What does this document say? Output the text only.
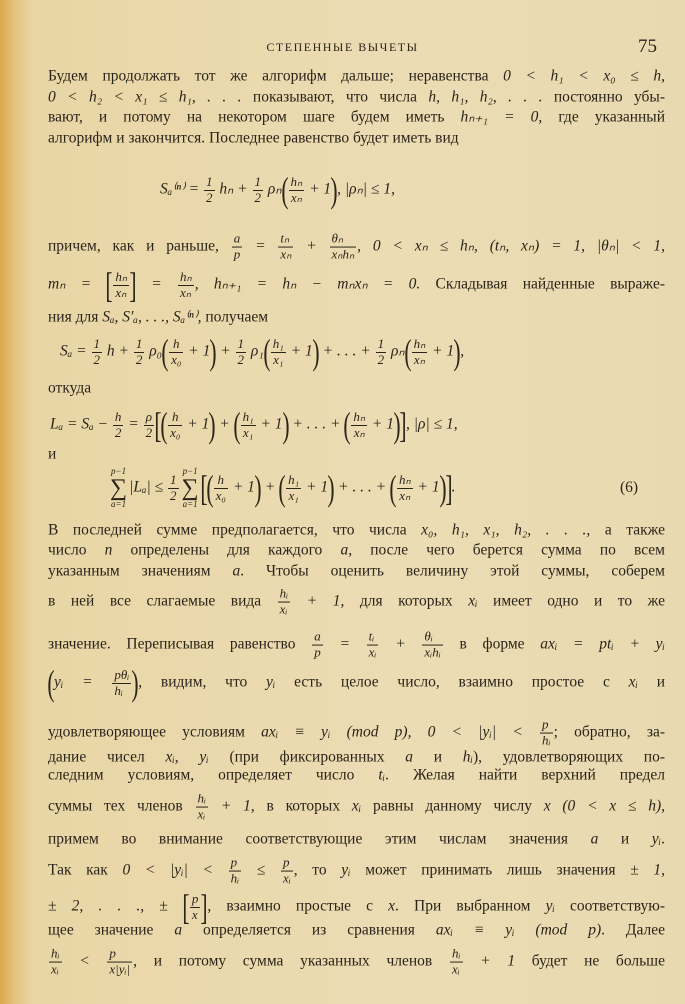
СТЕПЕННЫЕ ВЫЧЕТЫ	75
Будем продолжать тот же алгорифм дальше; неравенства 0 < h₁ < x₀ ≤ h,
0 < h₂ < x₁ ≤ h₁, . . . показывают, что числа h, h₁, h₂, . . . постоянно убы-
вают, и потому на некотором шаге будем иметь hₙ₊₁ = 0, где указанный
алгорифм и закончится. Последнее равенство будет иметь вид
$S_a^{(n)} = \frac{1}{2}$ $h_n + \frac{1}{2} \rho_n( \frac{\text{hₙ}}{\text{xₙ}} + 1)$, |ρₙ| ≤ 1,
причем, как и раньше, $\frac{a}{p} = \frac{\text{tₙ}}{\text{xₙ}} + \theta_n$
xₙhₙ , 0 < xₙ ≤ hₙ, (tₙ, xₙ) = 1, |θₙ| < 1,
mₙ = [ $\frac{\text{hₙ}}{\text{xₙ}}$ ] = $\frac{\text{hₙ}}{\text{xₙ}}$ , hₙ₊₁ = hₙ − mₙxₙ = 0. Складывая найденные выраже-
ния для Sₐ, S′ₐ, . . ., Sₐ⁽ⁿ⁾, получаем
$S_a = \frac{1}{2}$ $h + \frac{1}{2} \rho_0( \frac{h}{\text{x₀}} + 1) + \frac{1}{2} \rho_1( \frac{\text{h₁}}{\text{x₁}} + 1)$ + . . . + $\frac{1}{2} \rho_n( \frac{\text{hₙ}}{\text{xₙ}} + 1)$,
откуда
$L_a = S_a - \frac{h}{2} = \frac{\rho}{2}$ [( $\frac{h}{\text{x₀}} + 1$) + ( $\frac{\text{h₁}}{\text{x₁}} + 1$) + . . . + ( $\frac{\text{hₙ}}{\text{xₙ}} + 1$)], |ρ| ≤ 1,
и
p−1
∑
a=1
$|L_a| \le \frac{1}{2}$
p−1
∑
a=1 [( $\frac{h}{\text{x₀}} + 1$) + ( $\frac{\text{h₁}}{\text{x₁}} + 1$) + . . . + ( $\frac{\text{hₙ}}{\text{xₙ}} + 1$)].	(6)
В последней сумме предполагается, что числа x₀, h₁, x₁, h₂, . . ., а также
число n определены для каждого a, после чего берется сумма по всем
указанным значениям a. Чтобы оценить величину этой суммы, соберем
в ней все слагаемые вида $\frac{\text{hᵢ}}{\text{xᵢ}} + 1$, для которых xᵢ имеет одно и то же
значение. Переписывая равенство $\frac{a}{p} = \frac{\text{tᵢ}}{\text{xᵢ}}$ + θᵢ
xᵢhᵢ в форме axᵢ = ptᵢ + yᵢ
(yᵢ = pθᵢ
hᵢ ), видим, что yᵢ есть целое число, взаимно простое с xᵢ и
удовлетворяющее условиям axᵢ ≡ yᵢ (mod p), 0 < |yᵢ| < $\frac{p}{\text{hᵢ}}$ ; обратно, за-
дание чисел xᵢ, yᵢ (при фиксированных a и hᵢ), удовлетворяющих по-
следним условиям, определяет число tᵢ. Желая найти верхний предел
суммы тех членов $\frac{\text{hᵢ}}{\text{xᵢ}} + 1$, в которых xᵢ равны данному числу x (0 < x ≤ h),
примем во внимание соответствующие этим числам значения a и yᵢ.
Так как 0 < |yᵢ| < $\frac{p}{\text{hᵢ}} \le \frac{p}{\text{xᵢ}}$ , то yᵢ может принимать лишь значения ± 1,
± 2, . . ., ± [ $\frac{p}{x}$ ], взаимно простые с x. При выбранном yᵢ соответствую-
щее значение a определяется из сравнения axᵢ ≡ yᵢ (mod p). Далее
$\frac{\text{hᵢ}}{\text{xᵢ}} < \frac{p}{\text{x|yᵢ|}}$ , и потому сумма указанных членов $\frac{\text{hᵢ}}{\text{xᵢ}} + 1$ будет не больше
